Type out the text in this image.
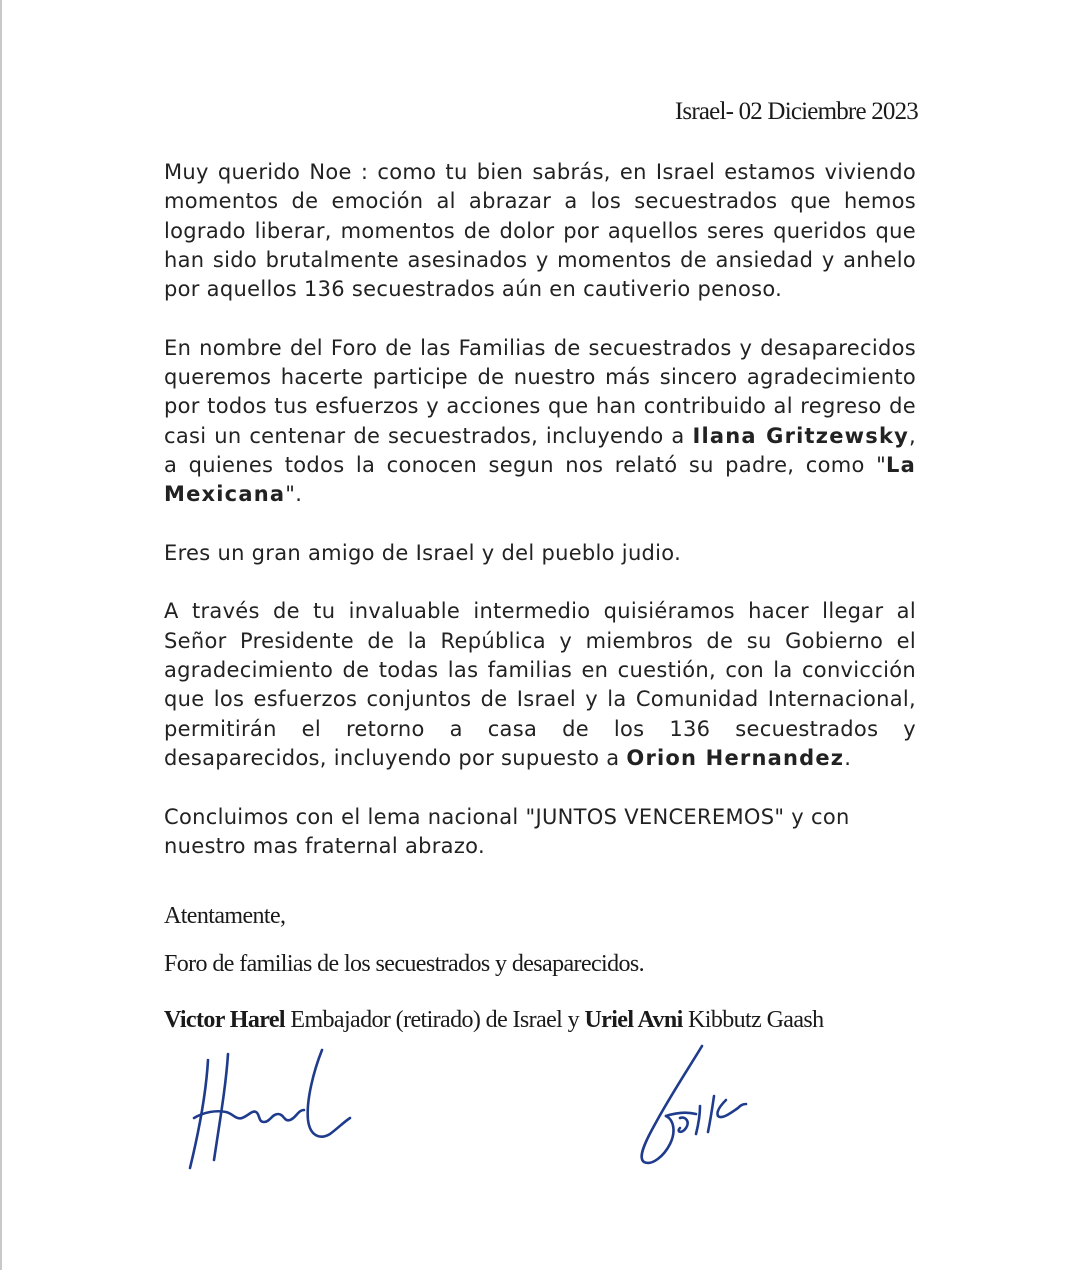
Israel- 02 Diciembre 2023

Muy querido Noe : como tu bien sabrás, en Israel estamos viviendo momentos de emoción al abrazar a los secuestrados que hemos logrado liberar, momentos de dolor por aquellos seres queridos que han sido brutalmente asesinados y momentos de ansiedad y anhelo por aquellos 136 secuestrados aún en cautiverio penoso.

En nombre del Foro de las Familias de secuestrados y desaparecidos queremos hacerte participe de nuestro más sincero agradecimiento por todos tus esfuerzos y acciones que han contribuido al regreso de casi un centenar de secuestrados, incluyendo a Ilana Gritzewsky, a quienes todos la conocen segun nos relató su padre, como "La Mexicana".

Eres un gran amigo de Israel y del pueblo judio.

A través de tu invaluable intermedio quisiéramos hacer llegar al Señor Presidente de la República y miembros de su Gobierno el agradecimiento de todas las familias en cuestión, con la convicción que los esfuerzos conjuntos de Israel y la Comunidad Internacional, permitirán el retorno a casa de los 136 secuestrados y desaparecidos, incluyendo por supuesto a Orion Hernandez.

Concluimos con el lema nacional "JUNTOS VENCEREMOS" y con nuestro mas fraternal abrazo.

Atentamente,
Foro de familias de los secuestrados y desaparecidos.
Victor Harel Embajador (retirado) de Israel y Uriel Avni Kibbutz Gaash
